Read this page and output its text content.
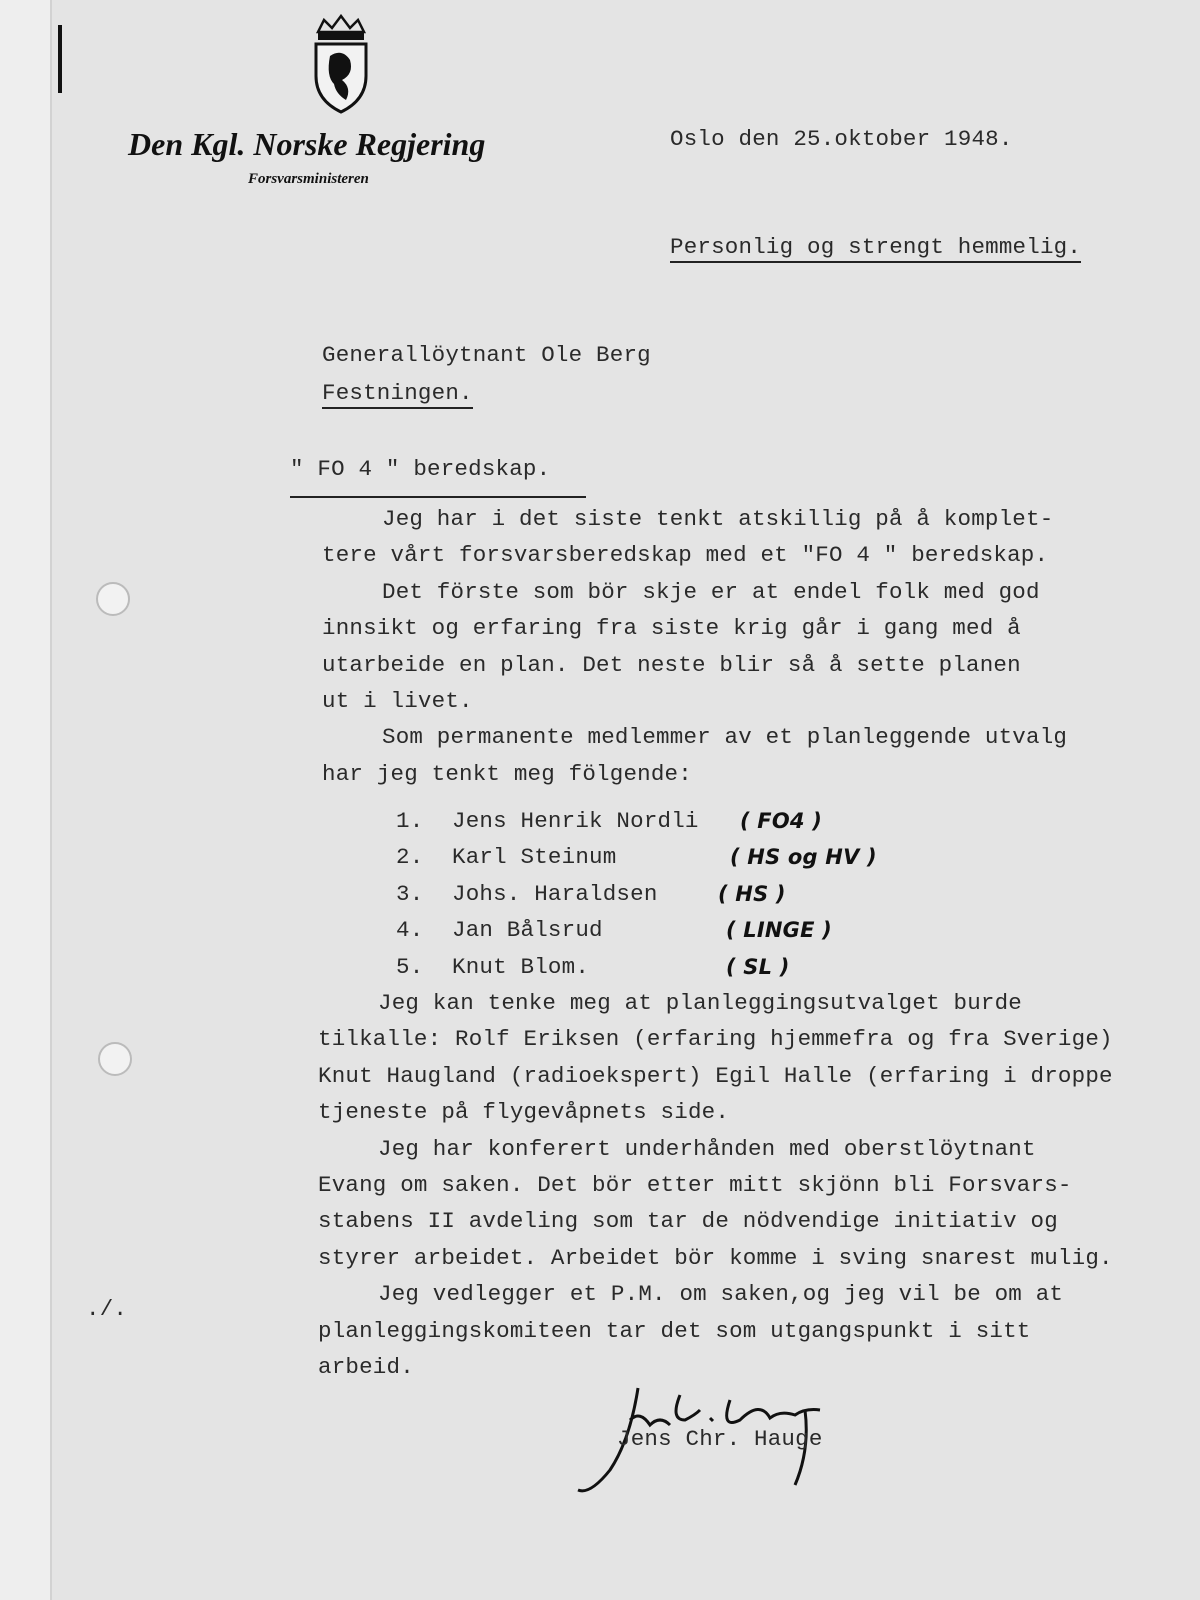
Den Kgl. Norske Regjering
Forsvarsministeren
Oslo den 25.oktober 1948.
Personlig og strengt hemmelig.
Generallöytnant Ole Berg
Festningen.
" FO 4 " beredskap.
Jeg har i det siste tenkt atskillig på å komplet-
tere vårt forsvarsberedskap med et "FO 4 " beredskap.
Det förste som bör skje er at endel folk med god
innsikt og erfaring fra siste krig går i gang med å
utarbeide en plan. Det neste blir så å sette planen
ut i livet.
Som permanente medlemmer av et planleggende utvalg
har jeg tenkt meg fölgende:
1. Jens Henrik Nordli ( FO4 )
2. Karl Steinum	( HS og HV )
3. Johs. Haraldsen	( HS )
4. Jan Bålsrud	( LINGE )
5. Knut Blom.	( SL )
Jeg kan tenke meg at planleggingsutvalget burde
tilkalle: Rolf Eriksen (erfaring hjemmefra og fra Sverige)
Knut Haugland (radioekspert) Egil Halle (erfaring i droppe
tjeneste på flygevåpnets side.
Jeg har konferert underhånden med oberstlöytnant
Evang om saken. Det bör etter mitt skjönn bli Forsvars-
stabens II avdeling som tar de nödvendige initiativ og
styrer arbeidet. Arbeidet bör komme i sving snarest mulig.
Jeg vedlegger et P.M. om saken,og jeg vil be om at
planleggingskomiteen tar det som utgangspunkt i sitt
arbeid.
./.
Jens Chr. Hauge
